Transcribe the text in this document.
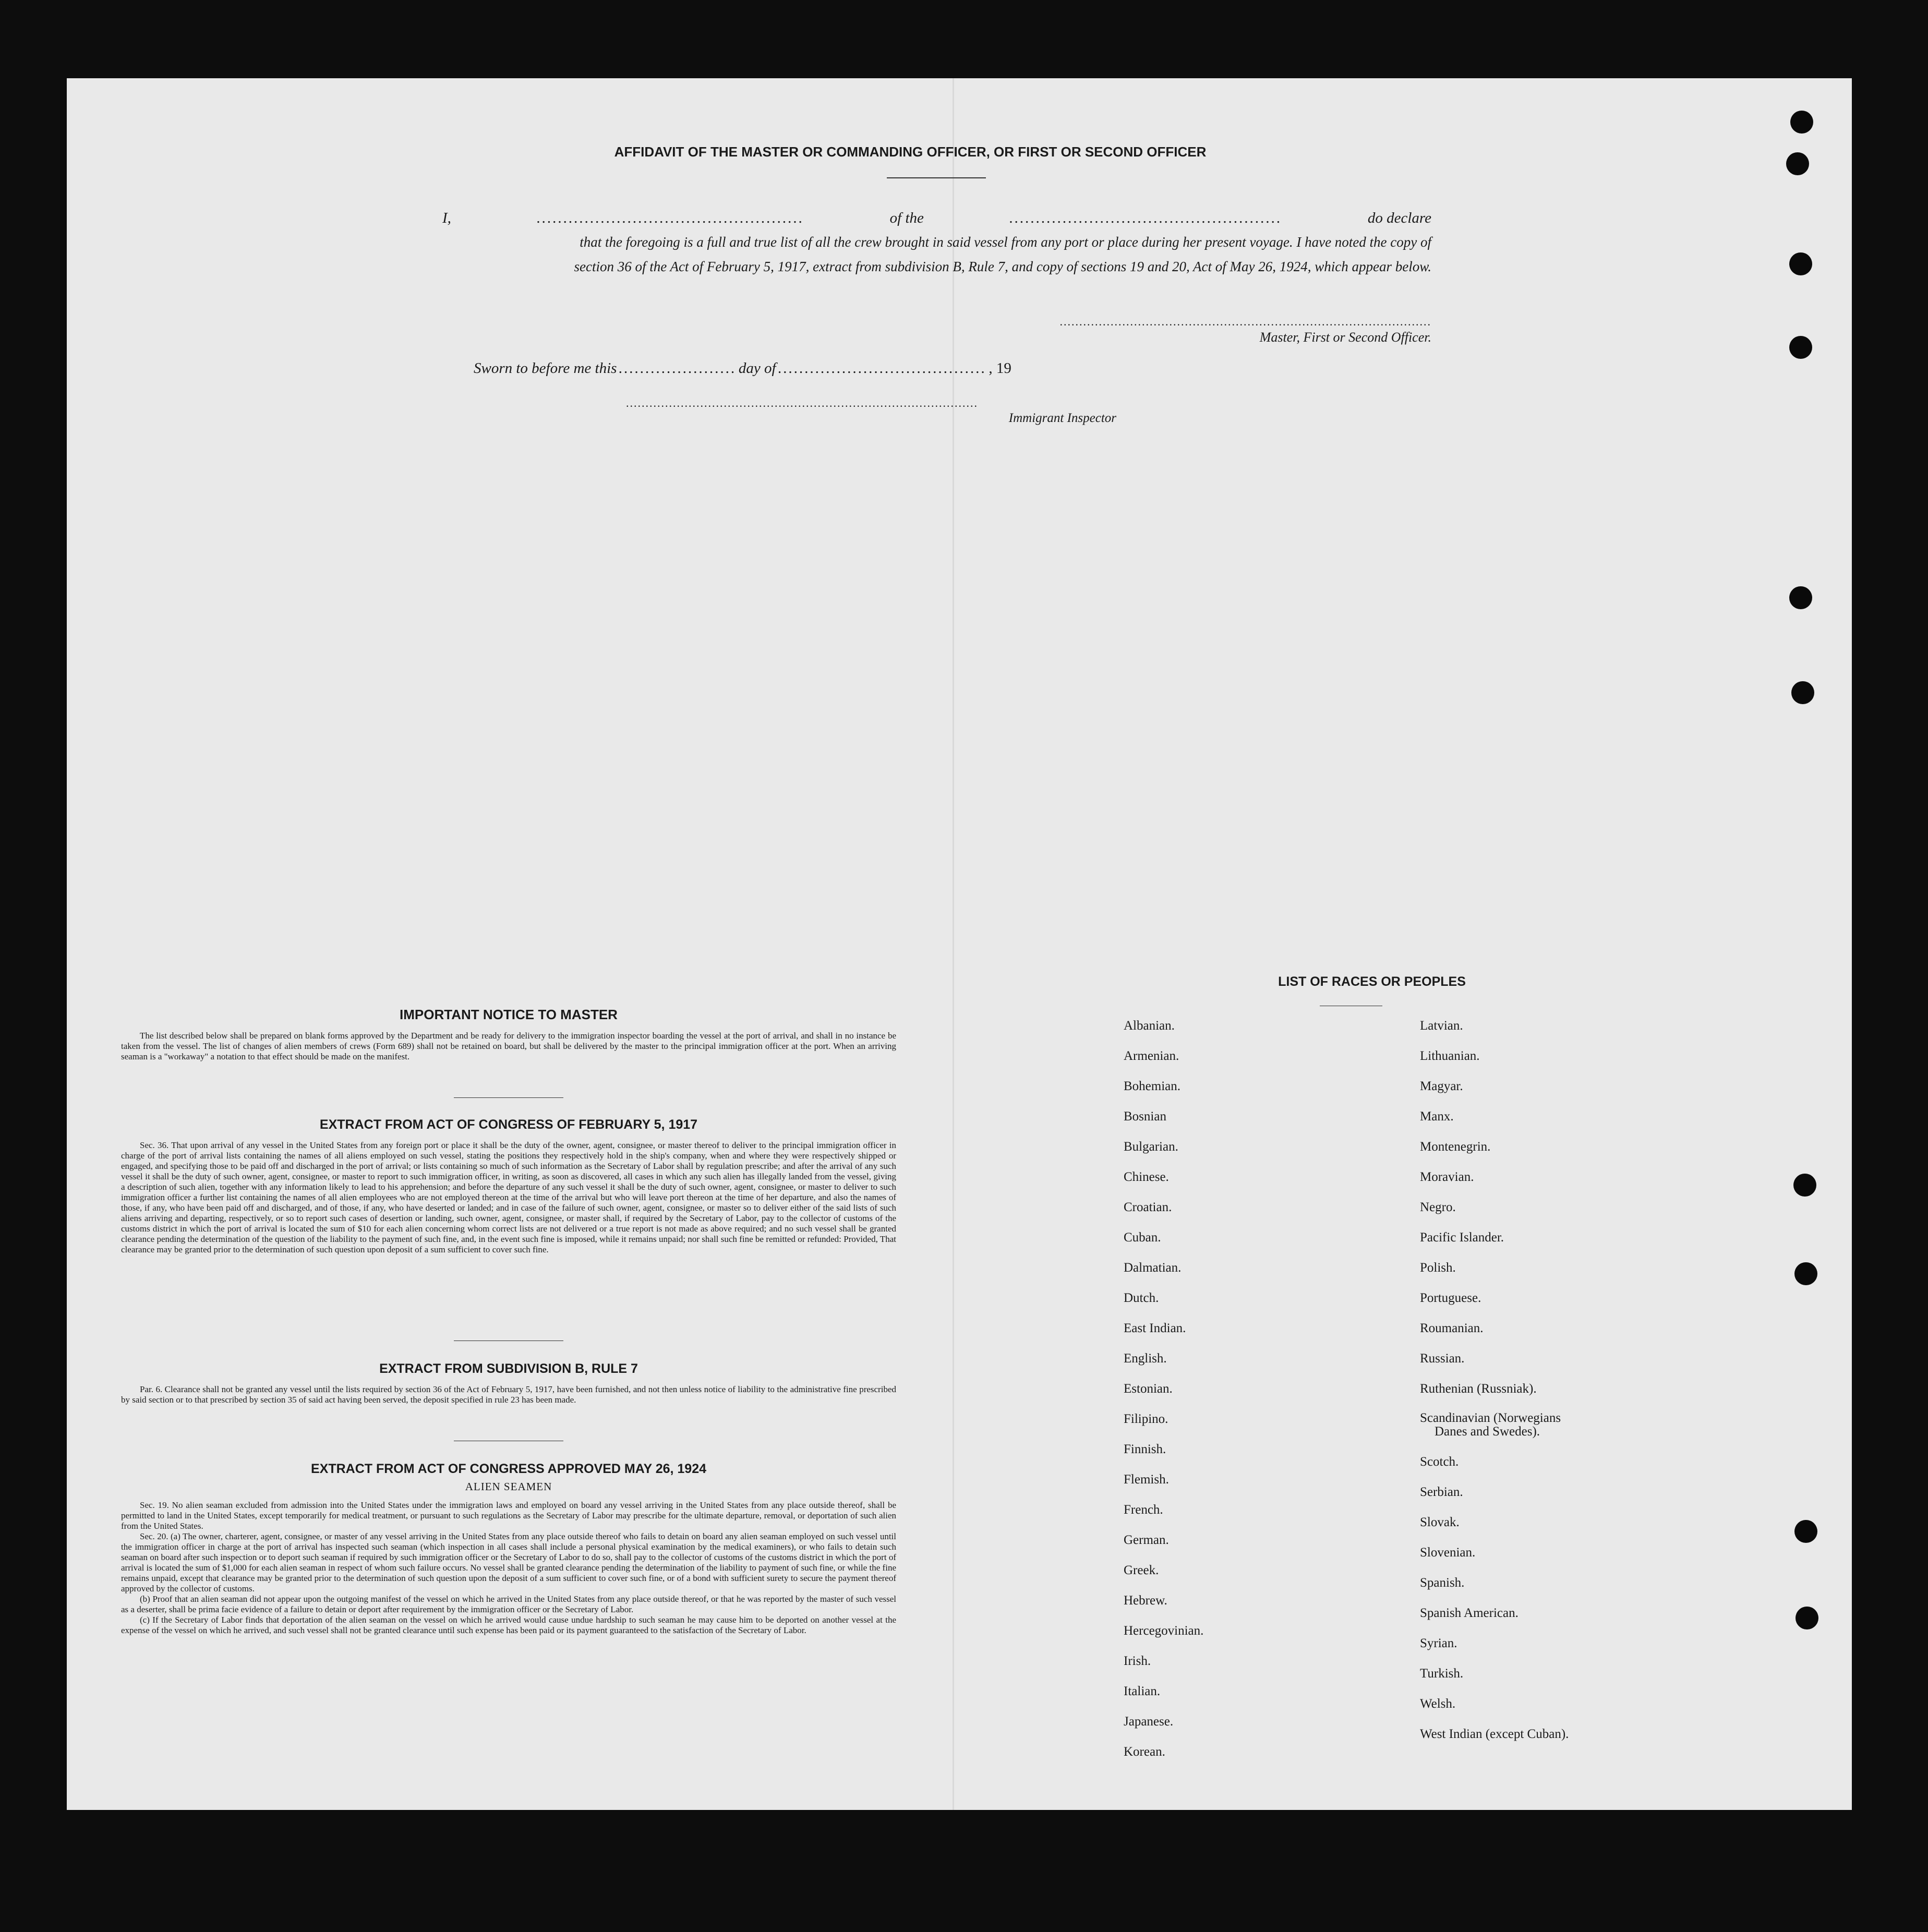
AFFIDAVIT OF THE MASTER OR COMMANDING OFFICER, OR FIRST OR SECOND OFFICER
I,	..................................................	of the	...................................................	do declare
that the foregoing is a full and true list of all the crew brought in said vessel from any port or place during her present voyage. I have noted the copy of
section 36 of the Act of February 5, 1917, extract from subdivision B, Rule 7, and copy of sections 19 and 20, Act of May 26, 1924, which appear below.
...............................................................................................
Master, First or Second Officer.
Sworn to before me this ...................... day of ....................................... , 19
..........................................................................................
Immigrant Inspector
IMPORTANT NOTICE TO MASTER
The list described below shall be prepared on blank forms approved by the Department and be ready for delivery to the immigration inspector boarding the vessel at the port of arrival, and shall in no instance be taken from the vessel. The list of changes of alien members of crews (Form 689) shall not be retained on board, but shall be delivered by the master to the principal immigration officer at the port. When an arriving seaman is a "workaway" a notation to that effect should be made on the manifest.
EXTRACT FROM ACT OF CONGRESS OF FEBRUARY 5, 1917
Sec. 36. That upon arrival of any vessel in the United States from any foreign port or place it shall be the duty of the owner, agent, consignee, or master thereof to deliver to the principal immigration officer in charge of the port of arrival lists containing the names of all aliens employed on such vessel, stating the positions they respectively hold in the ship's company, when and where they were respectively shipped or engaged, and specifying those to be paid off and discharged in the port of arrival; or lists containing so much of such information as the Secretary of Labor shall by regulation prescribe; and after the arrival of any such vessel it shall be the duty of such owner, agent, consignee, or master to report to such immigration officer, in writing, as soon as discovered, all cases in which any such alien has illegally landed from the vessel, giving a description of such alien, together with any information likely to lead to his apprehension; and before the departure of any such vessel it shall be the duty of such owner, agent, consignee, or master to deliver to such immigration officer a further list containing the names of all alien employees who are not employed thereon at the time of the arrival but who will leave port thereon at the time of her departure, and also the names of those, if any, who have been paid off and discharged, and of those, if any, who have deserted or landed; and in case of the failure of such owner, agent, consignee, or master so to deliver either of the said lists of such aliens arriving and departing, respectively, or so to report such cases of desertion or landing, such owner, agent, consignee, or master shall, if required by the Secretary of Labor, pay to the collector of customs of the customs district in which the port of arrival is located the sum of $10 for each alien concerning whom correct lists are not delivered or a true report is not made as above required; and no such vessel shall be granted clearance pending the determination of the question of the liability to the payment of such fine, and, in the event such fine is imposed, while it remains unpaid; nor shall such fine be remitted or refunded: Provided, That clearance may be granted prior to the determination of such question upon deposit of a sum sufficient to cover such fine.
EXTRACT FROM SUBDIVISION B, RULE 7
Par. 6. Clearance shall not be granted any vessel until the lists required by section 36 of the Act of February 5, 1917, have been furnished, and not then unless notice of liability to the administrative fine prescribed by said section or to that prescribed by section 35 of said act having been served, the deposit specified in rule 23 has been made.
EXTRACT FROM ACT OF CONGRESS APPROVED MAY 26, 1924
ALIEN SEAMEN
Sec. 19. No alien seaman excluded from admission into the United States under the immigration laws and employed on board any vessel arriving in the United States from any place outside thereof, shall be permitted to land in the United States, except temporarily for medical treatment, or pursuant to such regulations as the Secretary of Labor may prescribe for the ultimate departure, removal, or deportation of such alien from the United States.
Sec. 20. (a) The owner, charterer, agent, consignee, or master of any vessel arriving in the United States from any place outside thereof who fails to detain on board any alien seaman employed on such vessel until the immigration officer in charge at the port of arrival has inspected such seaman (which inspection in all cases shall include a personal physical examination by the medical examiners), or who fails to detain such seaman on board after such inspection or to deport such seaman if required by such immigration officer or the Secretary of Labor to do so, shall pay to the collector of customs of the customs district in which the port of arrival is located the sum of $1,000 for each alien seaman in respect of whom such failure occurs. No vessel shall be granted clearance pending the determination of the liability to payment of such fine, or while the fine remains unpaid, except that clearance may be granted prior to the determination of such question upon the deposit of a sum sufficient to cover such fine, or of a bond with sufficient surety to secure the payment thereof approved by the collector of customs.
(b) Proof that an alien seaman did not appear upon the outgoing manifest of the vessel on which he arrived in the United States from any place outside thereof, or that he was reported by the master of such vessel as a deserter, shall be prima facie evidence of a failure to detain or deport after requirement by the immigration officer or the Secretary of Labor.
(c) If the Secretary of Labor finds that deportation of the alien seaman on the vessel on which he arrived would cause undue hardship to such seaman he may cause him to be deported on another vessel at the expense of the vessel on which he arrived, and such vessel shall not be granted clearance until such expense has been paid or its payment guaranteed to the satisfaction of the Secretary of Labor.
LIST OF RACES OR PEOPLES
Albanian.
Armenian.
Bohemian.
Bosnian
Bulgarian.
Chinese.
Croatian.
Cuban.
Dalmatian.
Dutch.
East Indian.
English.
Estonian.
Filipino.
Finnish.
Flemish.
French.
German.
Greek.
Hebrew.
Hercegovinian.
Irish.
Italian.
Japanese.
Korean.
Latvian.
Lithuanian.
Magyar.
Manx.
Montenegrin.
Moravian.
Negro.
Pacific Islander.
Polish.
Portuguese.
Roumanian.
Russian.
Ruthenian (Russniak).
Scandinavian (Norwegians
Danes and Swedes).
Scotch.
Serbian.
Slovak.
Slovenian.
Spanish.
Spanish American.
Syrian.
Turkish.
Welsh.
West Indian (except Cuban).
